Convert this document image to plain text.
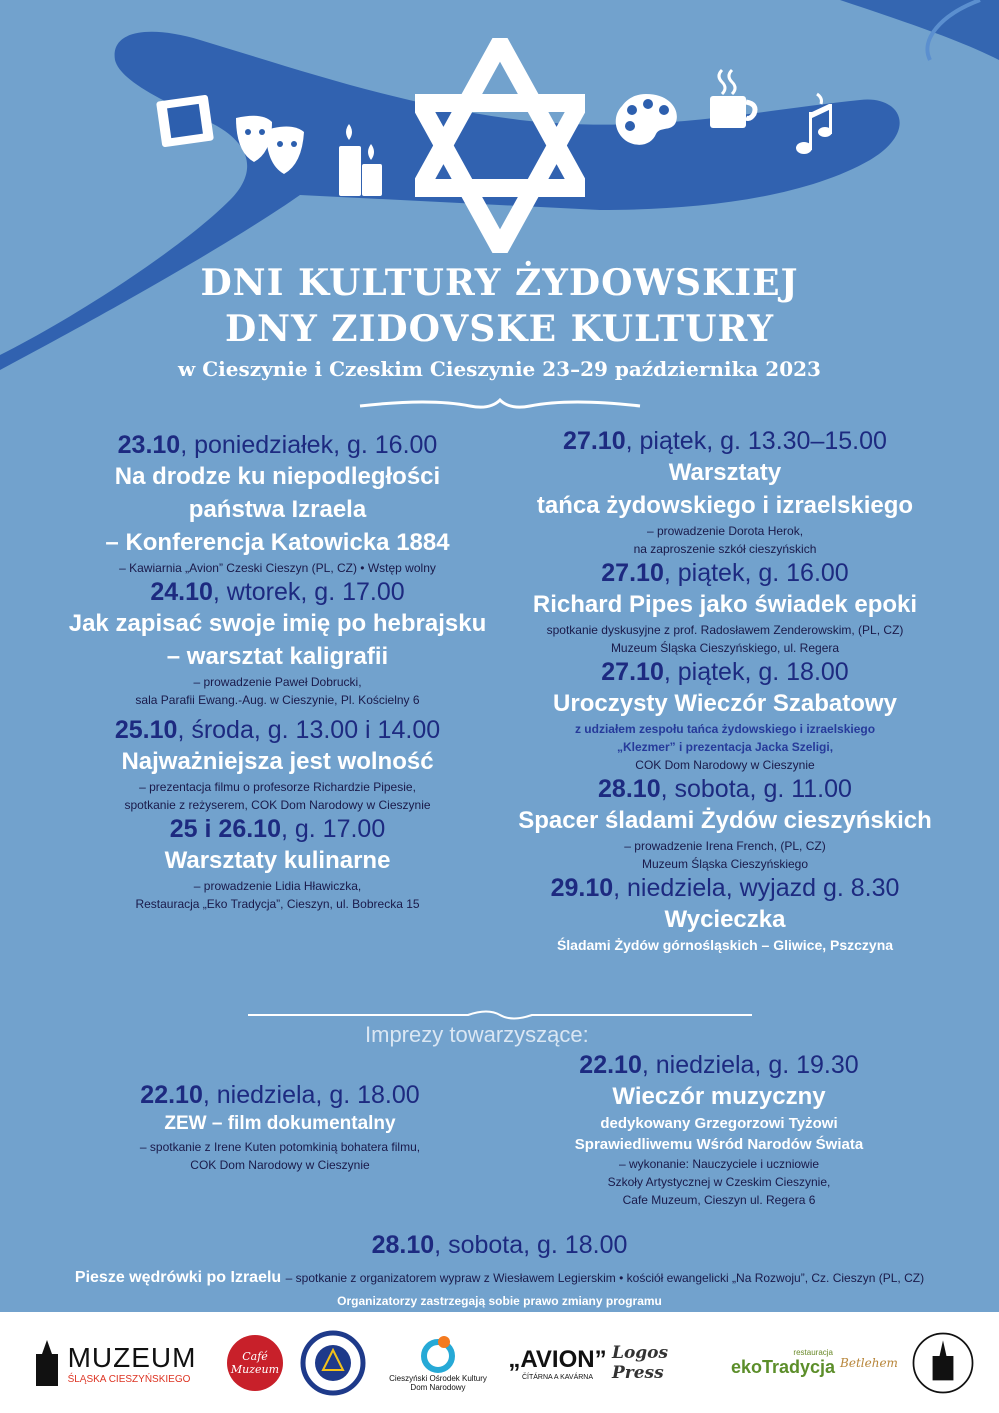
DNI KULTURY ŻYDOWSKIEJ
DNY ZIDOVSKE KULTURY
w Cieszynie i Czeskim Cieszynie 23–29 października 2023
23.10, poniedziałek, g. 16.00
Na drodze ku niepodległości
państwa Izraela
– Konferencja Katowicka 1884
– Kawiarnia „Avion” Czeski Cieszyn (PL, CZ) • Wstęp wolny
24.10, wtorek, g. 17.00
Jak zapisać swoje imię po hebrajsku
– warsztat kaligrafii
– prowadzenie Paweł Dobrucki,
sala Parafii Ewang.-Aug. w Cieszynie, Pl. Kościelny 6
25.10, środa, g. 13.00 i 14.00
Najważniejsza jest wolność
– prezentacja filmu o profesorze Richardzie Pipesie,
spotkanie z reżyserem, COK Dom Narodowy w Cieszynie
25 i 26.10, g. 17.00
Warsztaty kulinarne
– prowadzenie Lidia Hławiczka,
Restauracja „Eko Tradycja”, Cieszyn, ul. Bobrecka 15
27.10, piątek, g. 13.30–15.00
Warsztaty
tańca żydowskiego i izraelskiego
– prowadzenie Dorota Herok,
na zaproszenie szkół cieszyńskich
27.10, piątek, g. 16.00
Richard Pipes jako świadek epoki
spotkanie dyskusyjne z prof. Radosławem Zenderowskim, (PL, CZ)
Muzeum Śląska Cieszyńskiego, ul. Regera
27.10, piątek, g. 18.00
Uroczysty Wieczór Szabatowy
z udziałem zespołu tańca żydowskiego i izraelskiego
„Klezmer” i prezentacja Jacka Szeligi,
COK Dom Narodowy w Cieszynie
28.10, sobota, g. 11.00
Spacer śladami Żydów cieszyńskich
– prowadzenie Irena French, (PL, CZ)
Muzeum Śląska Cieszyńskiego
29.10, niedziela, wyjazd g. 8.30
Wycieczka
Śladami Żydów górnośląskich – Gliwice, Pszczyna
Imprezy towarzyszące:
22.10, niedziela, g. 18.00
ZEW – film dokumentalny
– spotkanie z Irene Kuten potomkinią bohatera filmu,
COK Dom Narodowy w Cieszynie
22.10, niedziela, g. 19.30
Wieczór muzyczny
dedykowany Grzegorzowi Tyżowi
Sprawiedliwemu Wśród Narodów Świata
– wykonanie: Nauczyciele i uczniowie
Szkoły Artystycznej w Czeskim Cieszynie,
Cafe Muzeum, Cieszyn ul. Regera 6
28.10, sobota, g. 18.00
Piesze wędrówki po Izraelu – spotkanie z organizatorem wypraw z Wiesławem Legierskim • kościół ewangelicki „Na Rozwoju”, Cz. Cieszyn (PL, CZ)
Organizatorzy zastrzegają sobie prawo zmiany programu
MUZEUM
ŚLĄSKA CIESZYŃSKIEGO
Café Muzeum
Cieszyński Ośrodek Kultury
Dom Narodowy
„AVION”
ČÍTÁRNA A KAVÁRNA
Logos Press
restauracja
ekoTradycja Betlehem
